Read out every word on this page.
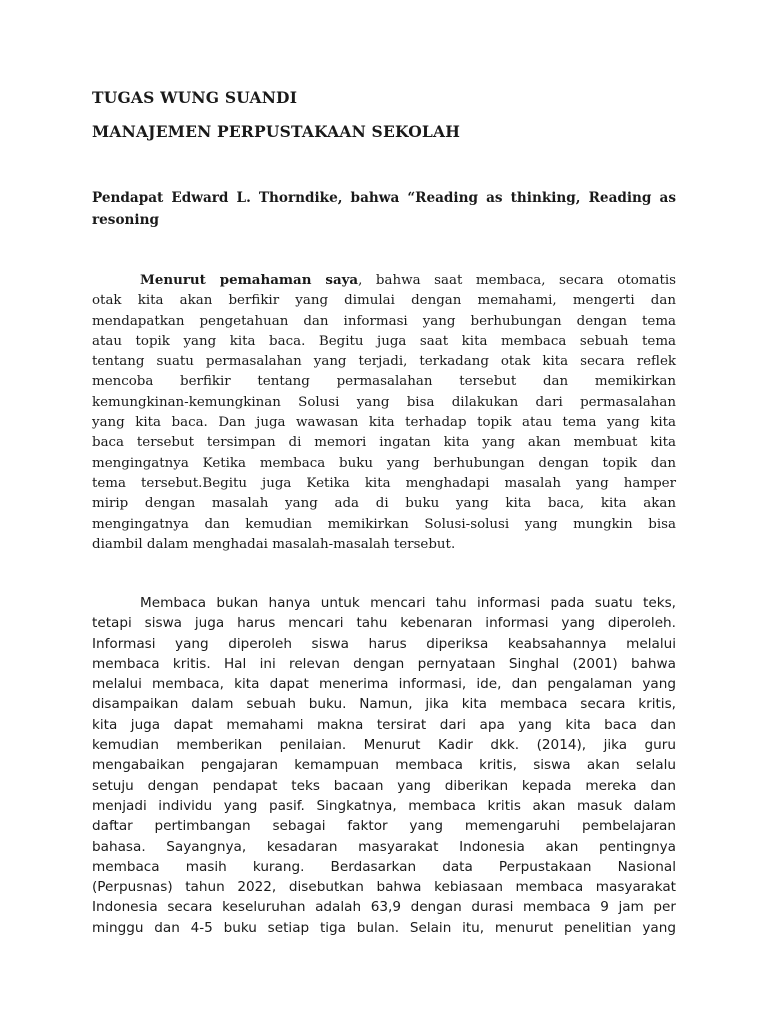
TUGAS WUNG SUANDI
MANAJEMEN PERPUSTAKAAN SEKOLAH

Pendapat Edward L. Thorndike, bahwa “Reading as thinking, Reading as resoning

Menurut pemahaman saya, bahwa saat membaca, secara otomatis
otak kita akan berfikir yang dimulai dengan memahami, mengerti dan
mendapatkan pengetahuan dan informasi yang berhubungan dengan tema
atau topik yang kita baca. Begitu juga saat kita membaca sebuah tema
tentang suatu permasalahan yang terjadi, terkadang otak kita secara reflek
mencoba berfikir tentang permasalahan tersebut dan memikirkan
kemungkinan-kemungkinan Solusi yang bisa dilakukan dari permasalahan
yang kita baca. Dan juga wawasan kita terhadap topik atau tema yang kita
baca tersebut tersimpan di memori ingatan kita yang akan membuat kita
mengingatnya Ketika membaca buku yang berhubungan dengan topik dan
tema tersebut.Begitu juga Ketika kita menghadapi masalah yang hamper
mirip dengan masalah yang ada di buku yang kita baca, kita akan
mengingatnya dan kemudian memikirkan Solusi-solusi yang mungkin bisa
diambil dalam menghadai masalah-masalah tersebut.
Membaca bukan hanya untuk mencari tahu informasi pada suatu teks,
tetapi siswa juga harus mencari tahu kebenaran informasi yang diperoleh.
Informasi yang diperoleh siswa harus diperiksa keabsahannya melalui
membaca kritis. Hal ini relevan dengan pernyataan Singhal (2001) bahwa
melalui membaca, kita dapat menerima informasi, ide, dan pengalaman yang
disampaikan dalam sebuah buku. Namun, jika kita membaca secara kritis,
kita juga dapat memahami makna tersirat dari apa yang kita baca dan
kemudian memberikan penilaian. Menurut Kadir dkk. (2014), jika guru
mengabaikan pengajaran kemampuan membaca kritis, siswa akan selalu
setuju dengan pendapat teks bacaan yang diberikan kepada mereka dan
menjadi individu yang pasif. Singkatnya, membaca kritis akan masuk dalam
daftar pertimbangan sebagai faktor yang memengaruhi pembelajaran
bahasa. Sayangnya, kesadaran masyarakat Indonesia akan pentingnya
membaca masih kurang. Berdasarkan data Perpustakaan Nasional
(Perpusnas) tahun 2022, disebutkan bahwa kebiasaan membaca masyarakat
Indonesia secara keseluruhan adalah 63,9 dengan durasi membaca 9 jam per
minggu dan 4-5 buku setiap tiga bulan. Selain itu, menurut penelitian yang
